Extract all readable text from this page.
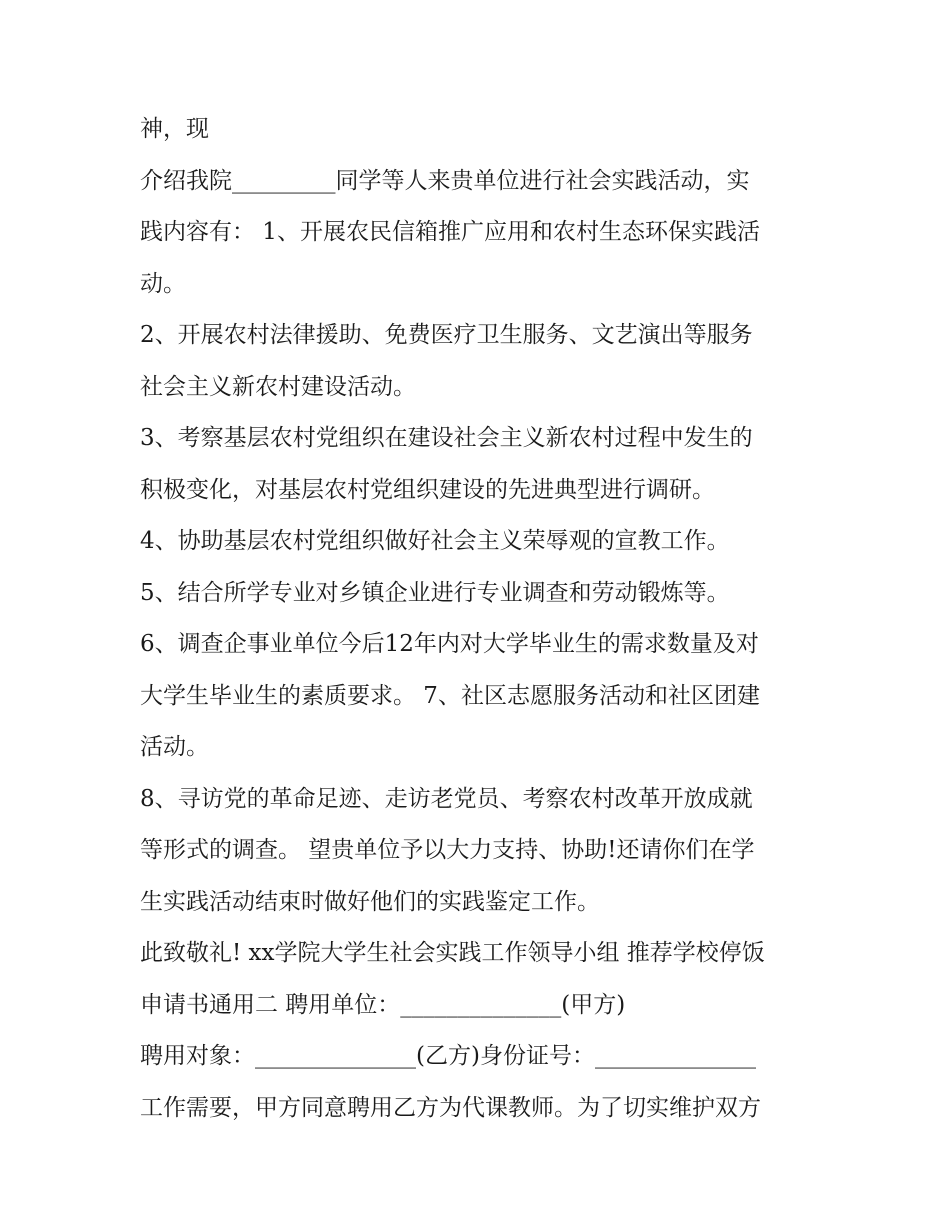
神，现
介绍我院_________同学等人来贵单位进行社会实践活动，实
践内容有： 1、开展农民信箱推广应用和农村生态环保实践活
动。
2、开展农村法律援助、免费医疗卫生服务、文艺演出等服务
社会主义新农村建设活动。
3、考察基层农村党组织在建设社会主义新农村过程中发生的
积极变化，对基层农村党组织建设的先进典型进行调研。
4、协助基层农村党组织做好社会主义荣辱观的宣教工作。
5、结合所学专业对乡镇企业进行专业调查和劳动锻炼等。
6、调查企事业单位今后12年内对大学毕业生的需求数量及对
大学生毕业生的素质要求。 7、社区志愿服务活动和社区团建
活动。
8、寻访党的革命足迹、走访老党员、考察农村改革开放成就
等形式的调查。 望贵单位予以大力支持、协助!还请你们在学
生实践活动结束时做好他们的实践鉴定工作。
此致敬礼! xx学院大学生社会实践工作领导小组 推荐学校停饭
申请书通用二 聘用单位：______________(甲方)
聘用对象：______________(乙方)身份证号：______________
工作需要，甲方同意聘用乙方为代课教师。为了切实维护双方
